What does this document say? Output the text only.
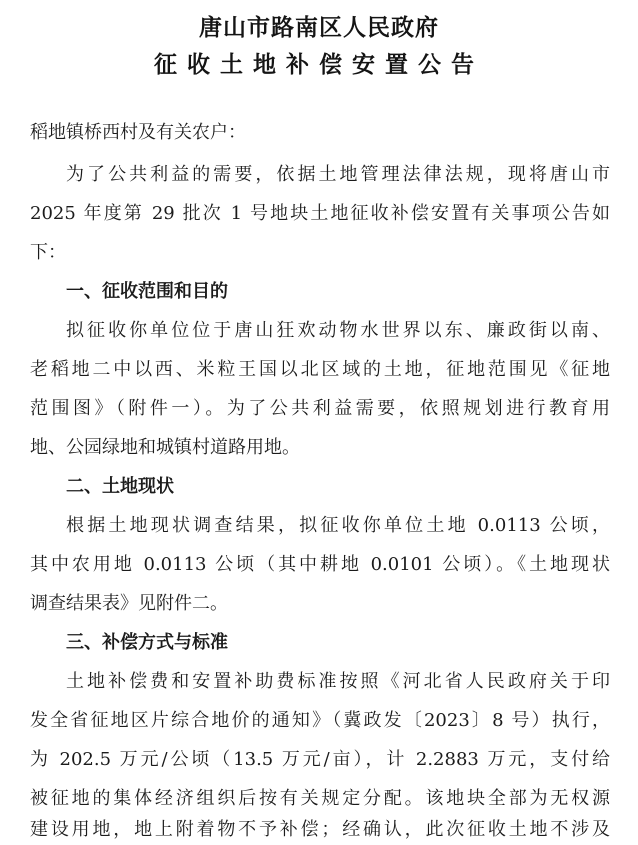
唐山市路南区人民政府
征收土地补偿安置公告
稻地镇桥西村及有关农户：
为了公共利益的需要，依据土地管理法律法规，现将唐山市
2025 年度第 29 批次 1 号地块土地征收补偿安置有关事项公告如
下：
一、征收范围和目的
拟征收你单位位于唐山狂欢动物水世界以东、廉政街以南、
老稻地二中以西、米粒王国以北区域的土地，征地范围见《征地
范围图》（附件一）。为了公共利益需要，依照规划进行教育用
地、公园绿地和城镇村道路用地。
二、土地现状
根据土地现状调查结果，拟征收你单位土地 0.0113 公顷，
其中农用地 0.0113 公顷（其中耕地 0.0101 公顷）。《土地现状
调查结果表》见附件二。
三、补偿方式与标准
土地补偿费和安置补助费标准按照《河北省人民政府关于印
发全省征地区片综合地价的通知》（冀政发〔2023〕8 号）执行，
为 202.5 万元/公顷（13.5 万元/亩），计 2.2883 万元，支付给
被征地的集体经济组织后按有关规定分配。该地块全部为无权源
建设用地，地上附着物不予补偿；经确认，此次征收土地不涉及
